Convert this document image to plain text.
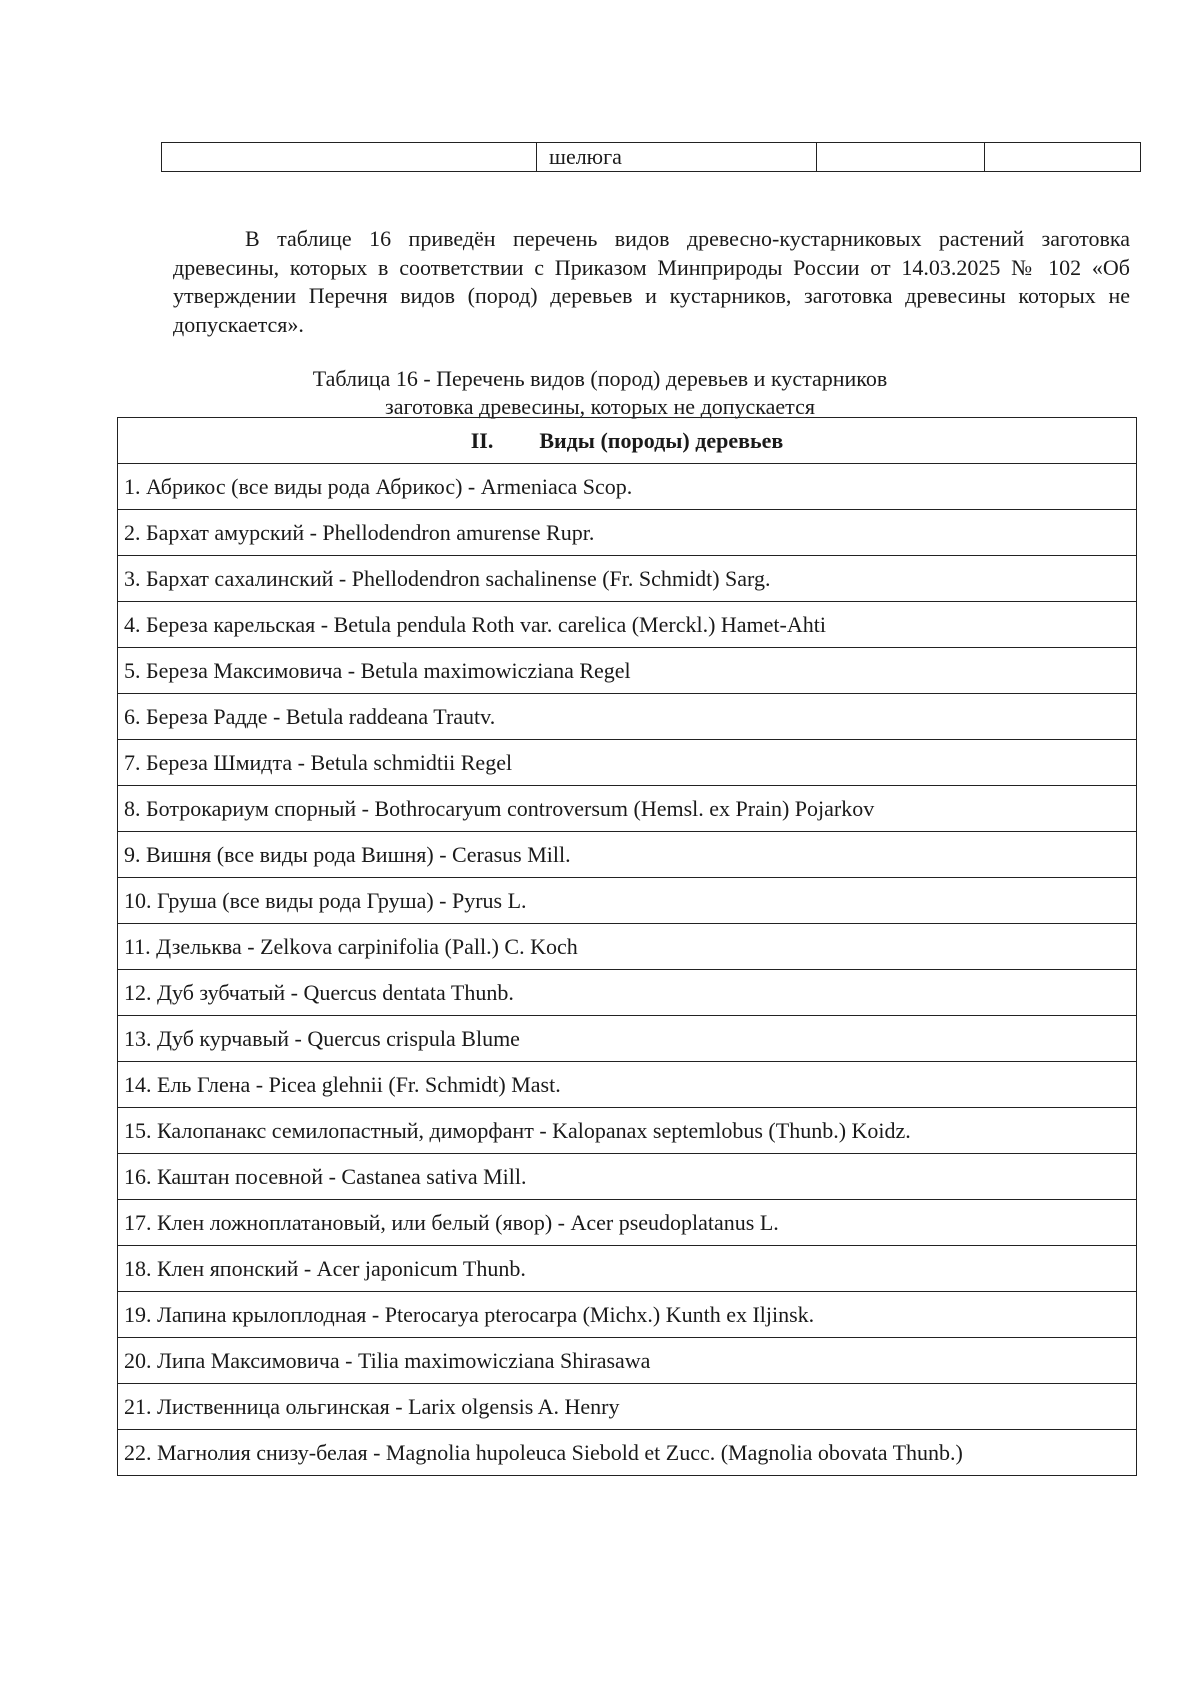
	шелюга		

В таблице 16 приведён перечень видов древесно-кустарниковых растений заготовка древесины, которых в соответствии с Приказом Минприроды России от 14.03.2025 № 102 «Об утверждении Перечня видов (пород) деревьев и кустарников, заготовка древесины которых не допускается».

Таблица 16 - Перечень видов (пород) деревьев и кустарников
заготовка древесины, которых не допускается
II. Виды (породы) деревьев
1. Абрикос (все виды рода Абрикос) - Armeniaca Scop.
2. Бархат амурский - Phellodendron amurense Rupr.
3. Бархат сахалинский - Phellodendron sachalinense (Fr. Schmidt) Sarg.
4. Береза карельская - Betula pendula Roth var. carelica (Merckl.) Hamet-Ahti
5. Береза Максимовича - Betula maximowicziana Regel
6. Береза Радде - Betula raddeana Trautv.
7. Береза Шмидта - Betula schmidtii Regel
8. Ботрокариум спорный - Bothrocaryum controversum (Hemsl. ex Prain) Pojarkov
9. Вишня (все виды рода Вишня) - Cerasus Mill.
10. Груша (все виды рода Груша) - Pyrus L.
11. Дзельква - Zelkova carpinifolia (Pall.) C. Koch
12. Дуб зубчатый - Quercus dentata Thunb.
13. Дуб курчавый - Quercus crispula Blume
14. Ель Глена - Picea glehnii (Fr. Schmidt) Mast.
15. Калопанакс семилопастный, диморфант - Kalopanax septemlobus (Thunb.) Koidz.
16. Каштан посевной - Castanea sativa Mill.
17. Клен ложноплатановый, или белый (явор) - Acer pseudoplatanus L.
18. Клен японский - Acer japonicum Thunb.
19. Лапина крылоплодная - Pterocarya pterocarpa (Michx.) Kunth ex Iljinsk.
20. Липа Максимовича - Tilia maximowicziana Shirasawa
21. Лиственница ольгинская - Larix olgensis A. Henry
22. Магнолия снизу-белая - Magnolia hupoleuca Siebold et Zucc. (Magnolia obovata Thunb.)
